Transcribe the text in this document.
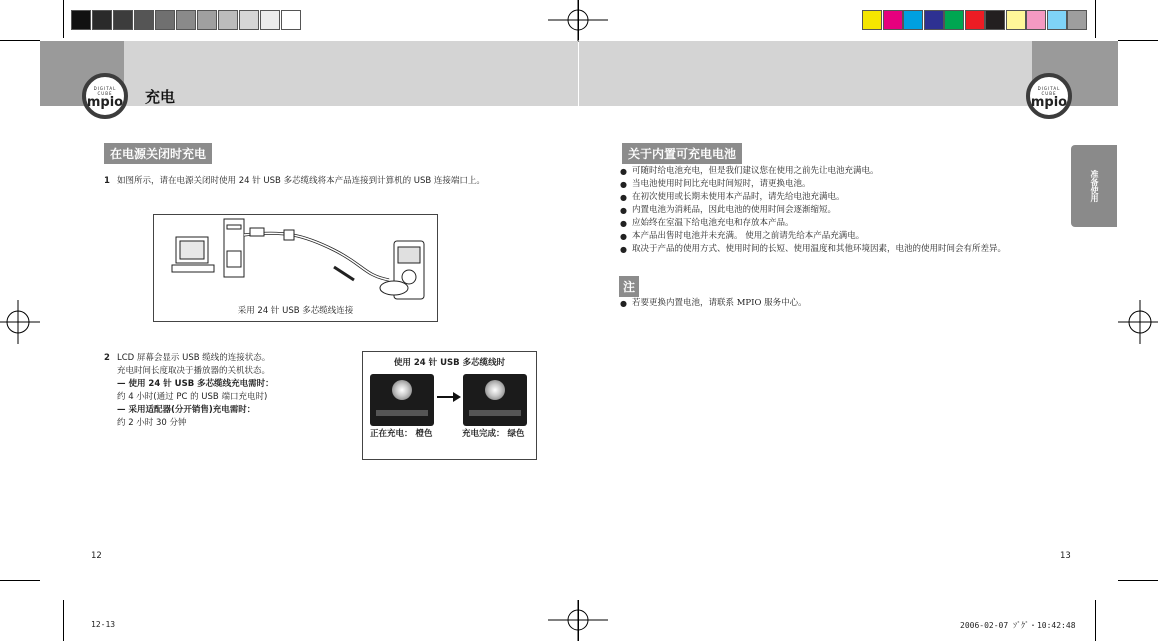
DIGITAL CUBE
mpio
DIGITAL CUBE
mpio
充电
在电源关闭时充电
1 如图所示，请在电源关闭时使用 24 针 USB 多芯缆线将本产品连接到计算机的 USB 连接端口上。
采用 24 针 USB 多芯缆线连接
2 LCD 屏幕会显示 USB 缆线的连接状态。
充电时间长度取决于播放器的关机状态。
— 使用 24 针 USB 多芯缆线充电需时：
约 4 小时(通过 PC 的 USB 端口充电时)
— 采用适配器(分开销售)充电需时：
约 2 小时 30 分钟
使用 24 针 USB 多芯缆线时
正在充电： 橙色	充电完成： 绿色
12
关于内置可充电电池
● 可随时给电池充电，但是我们建议您在使用之前先让电池充满电。
● 当电池使用时间比充电时间短时，请更换电池。
● 在初次使用或长期未使用本产品时，请先给电池充满电。
● 内置电池为消耗品，因此电池的使用时间会逐渐缩短。
● 应始终在室温下给电池充电和存放本产品。
● 本产品出售时电池并未充满。 使用之前请先给本产品充满电。
● 取决于产品的使用方式、使用时间的长短、使用温度和其他环境因素，电池的使用时间会有所差异。
注
● 若要更换内置电池，请联系 MPIO 服务中心。
准备使用
13
12-13	2006-02-07 ｿﾞｸﾞ・10:42:48
